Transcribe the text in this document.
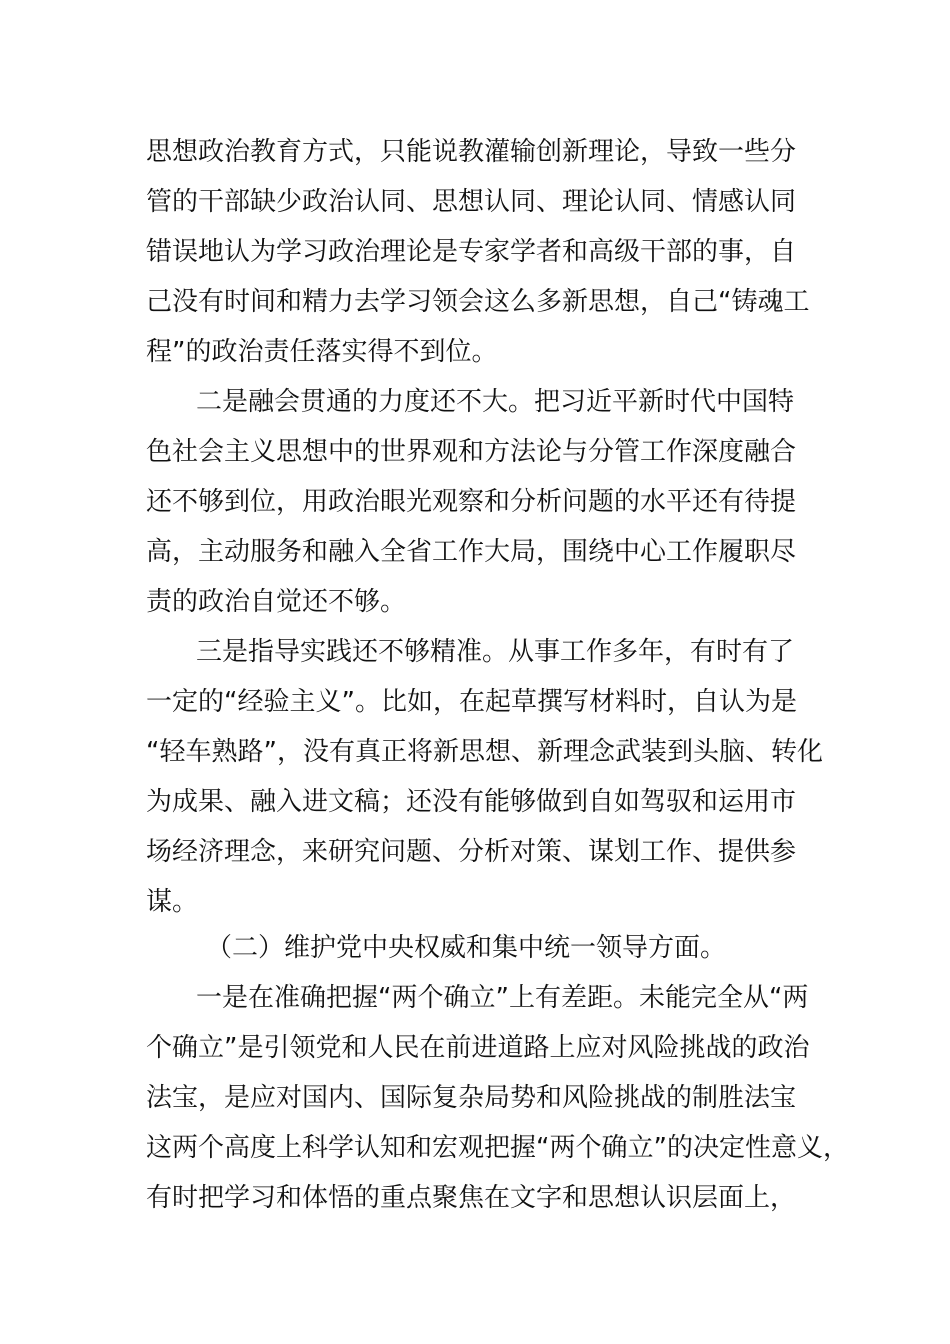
思想政治教育方式，只能说教灌输创新理论，导致一些分
管的干部缺少政治认同、思想认同、理论认同、情感认同
错误地认为学习政治理论是专家学者和高级干部的事，自
己没有时间和精力去学习领会这么多新思想，自己“铸魂工
程”的政治责任落实得不到位。
二是融会贯通的力度还不大。把习近平新时代中国特
色社会主义思想中的世界观和方法论与分管工作深度融合
还不够到位，用政治眼光观察和分析问题的水平还有待提
高，主动服务和融入全省工作大局，围绕中心工作履职尽
责的政治自觉还不够。
三是指导实践还不够精准。从事工作多年，有时有了
一定的“经验主义”。比如，在起草撰写材料时，自认为是
“轻车熟路”，没有真正将新思想、新理念武装到头脑、转化
为成果、融入进文稿；还没有能够做到自如驾驭和运用市
场经济理念，来研究问题、分析对策、谋划工作、提供参
谋。
（二）维护党中央权威和集中统一领导方面。
一是在准确把握“两个确立”上有差距。未能完全从“两
个确立”是引领党和人民在前进道路上应对风险挑战的政治
法宝，是应对国内、国际复杂局势和风险挑战的制胜法宝
这两个高度上科学认知和宏观把握“两个确立”的决定性意义，
有时把学习和体悟的重点聚焦在文字和思想认识层面上，
